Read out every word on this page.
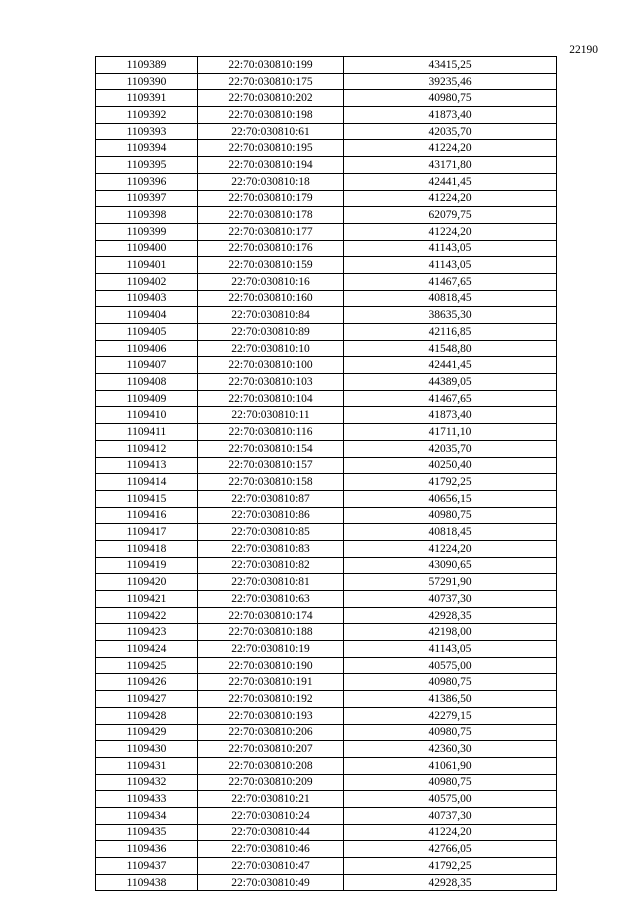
22190
1109389	22:70:030810:199	43415,25
1109390	22:70:030810:175	39235,46
1109391	22:70:030810:202	40980,75
1109392	22:70:030810:198	41873,40
1109393	22:70:030810:61	42035,70
1109394	22:70:030810:195	41224,20
1109395	22:70:030810:194	43171,80
1109396	22:70:030810:18	42441,45
1109397	22:70:030810:179	41224,20
1109398	22:70:030810:178	62079,75
1109399	22:70:030810:177	41224,20
1109400	22:70:030810:176	41143,05
1109401	22:70:030810:159	41143,05
1109402	22:70:030810:16	41467,65
1109403	22:70:030810:160	40818,45
1109404	22:70:030810:84	38635,30
1109405	22:70:030810:89	42116,85
1109406	22:70:030810:10	41548,80
1109407	22:70:030810:100	42441,45
1109408	22:70:030810:103	44389,05
1109409	22:70:030810:104	41467,65
1109410	22:70:030810:11	41873,40
1109411	22:70:030810:116	41711,10
1109412	22:70:030810:154	42035,70
1109413	22:70:030810:157	40250,40
1109414	22:70:030810:158	41792,25
1109415	22:70:030810:87	40656,15
1109416	22:70:030810:86	40980,75
1109417	22:70:030810:85	40818,45
1109418	22:70:030810:83	41224,20
1109419	22:70:030810:82	43090,65
1109420	22:70:030810:81	57291,90
1109421	22:70:030810:63	40737,30
1109422	22:70:030810:174	42928,35
1109423	22:70:030810:188	42198,00
1109424	22:70:030810:19	41143,05
1109425	22:70:030810:190	40575,00
1109426	22:70:030810:191	40980,75
1109427	22:70:030810:192	41386,50
1109428	22:70:030810:193	42279,15
1109429	22:70:030810:206	40980,75
1109430	22:70:030810:207	42360,30
1109431	22:70:030810:208	41061,90
1109432	22:70:030810:209	40980,75
1109433	22:70:030810:21	40575,00
1109434	22:70:030810:24	40737,30
1109435	22:70:030810:44	41224,20
1109436	22:70:030810:46	42766,05
1109437	22:70:030810:47	41792,25
1109438	22:70:030810:49	42928,35
